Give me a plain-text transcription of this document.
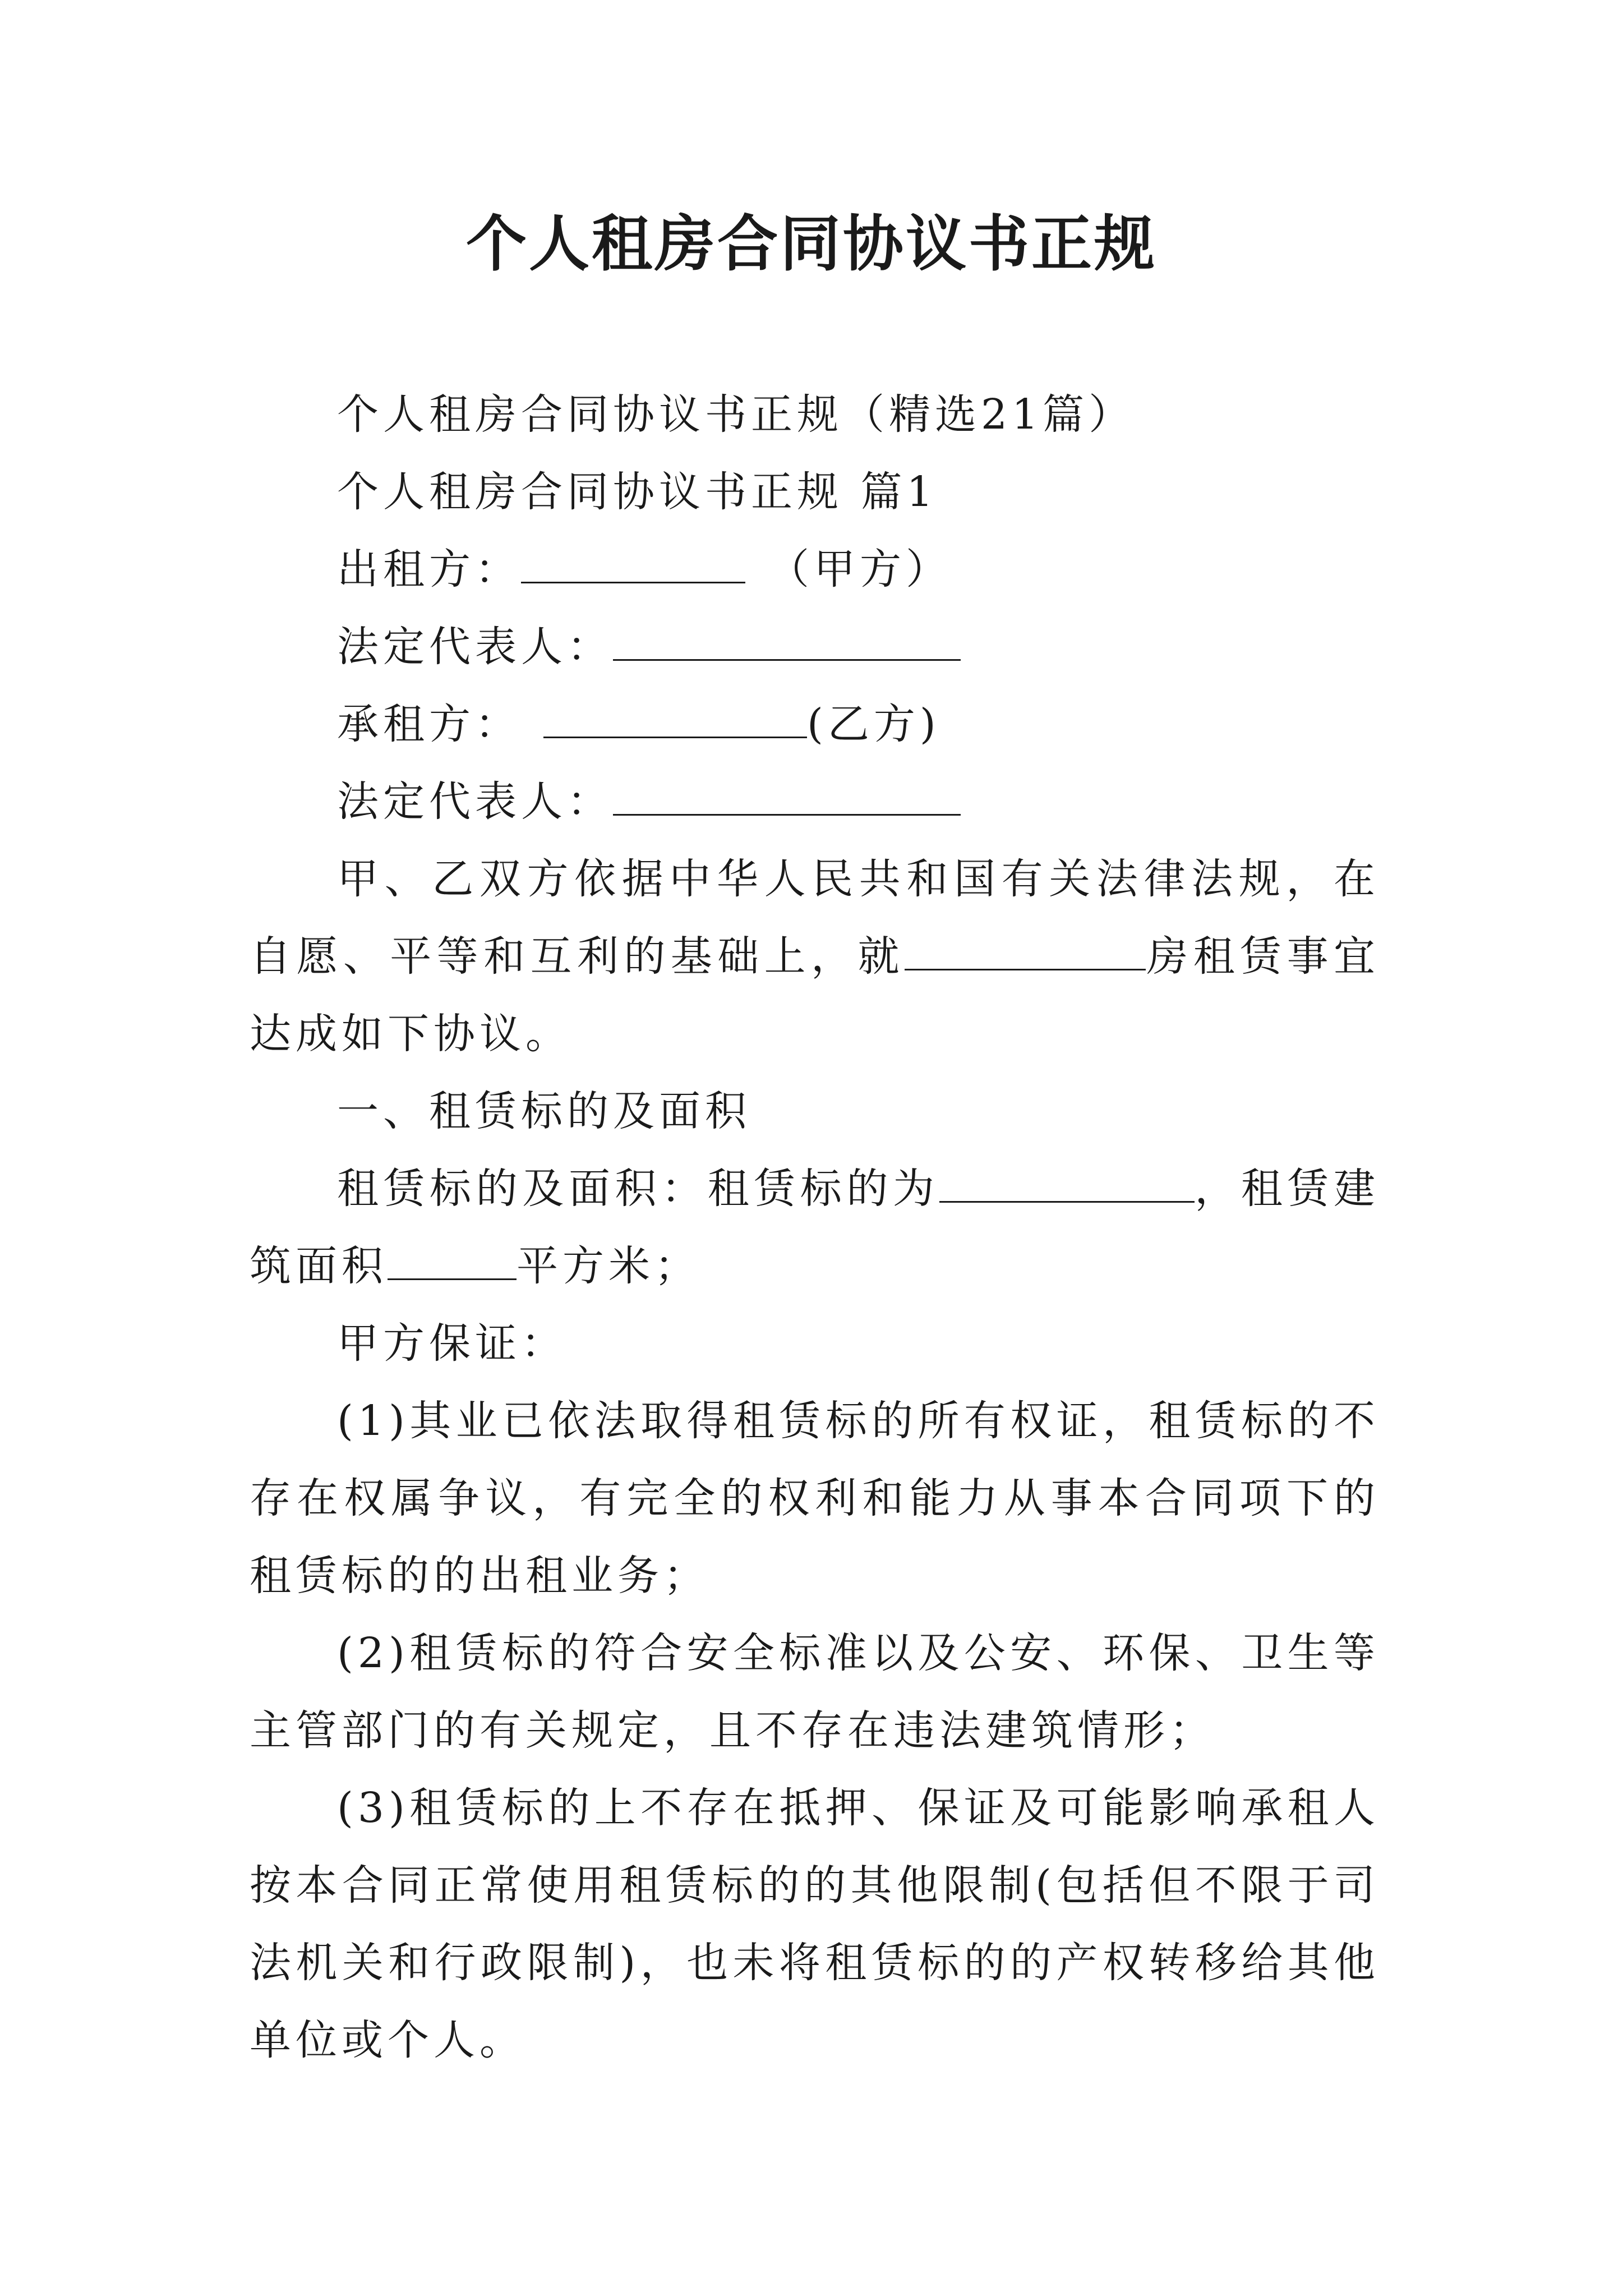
个人租房合同协议书正规

个人租房合同协议书正规（精选21篇）

个人租房合同协议书正规 篇1

出租方：	（甲方）

法定代表人：

承租方：	(乙方)

法定代表人：

甲、乙双方依据中华人民共和国有关法律法规，在自愿、平等和互利的基础上，就	房租赁事宜达成如下协议。

一、租赁标的及面积

租赁标的及面积：租赁标的为	，租赁建筑面积	平方米；

甲方保证：

(1)其业已依法取得租赁标的所有权证，租赁标的不存在权属争议，有完全的权利和能力从事本合同项下的租赁标的的出租业务；

(2)租赁标的符合安全标准以及公安、环保、卫生等主管部门的有关规定，且不存在违法建筑情形；

(3)租赁标的上不存在抵押、保证及可能影响承租人按本合同正常使用租赁标的的其他限制(包括但不限于司法机关和行政限制)，也未将租赁标的的产权转移给其他单位或个人。
